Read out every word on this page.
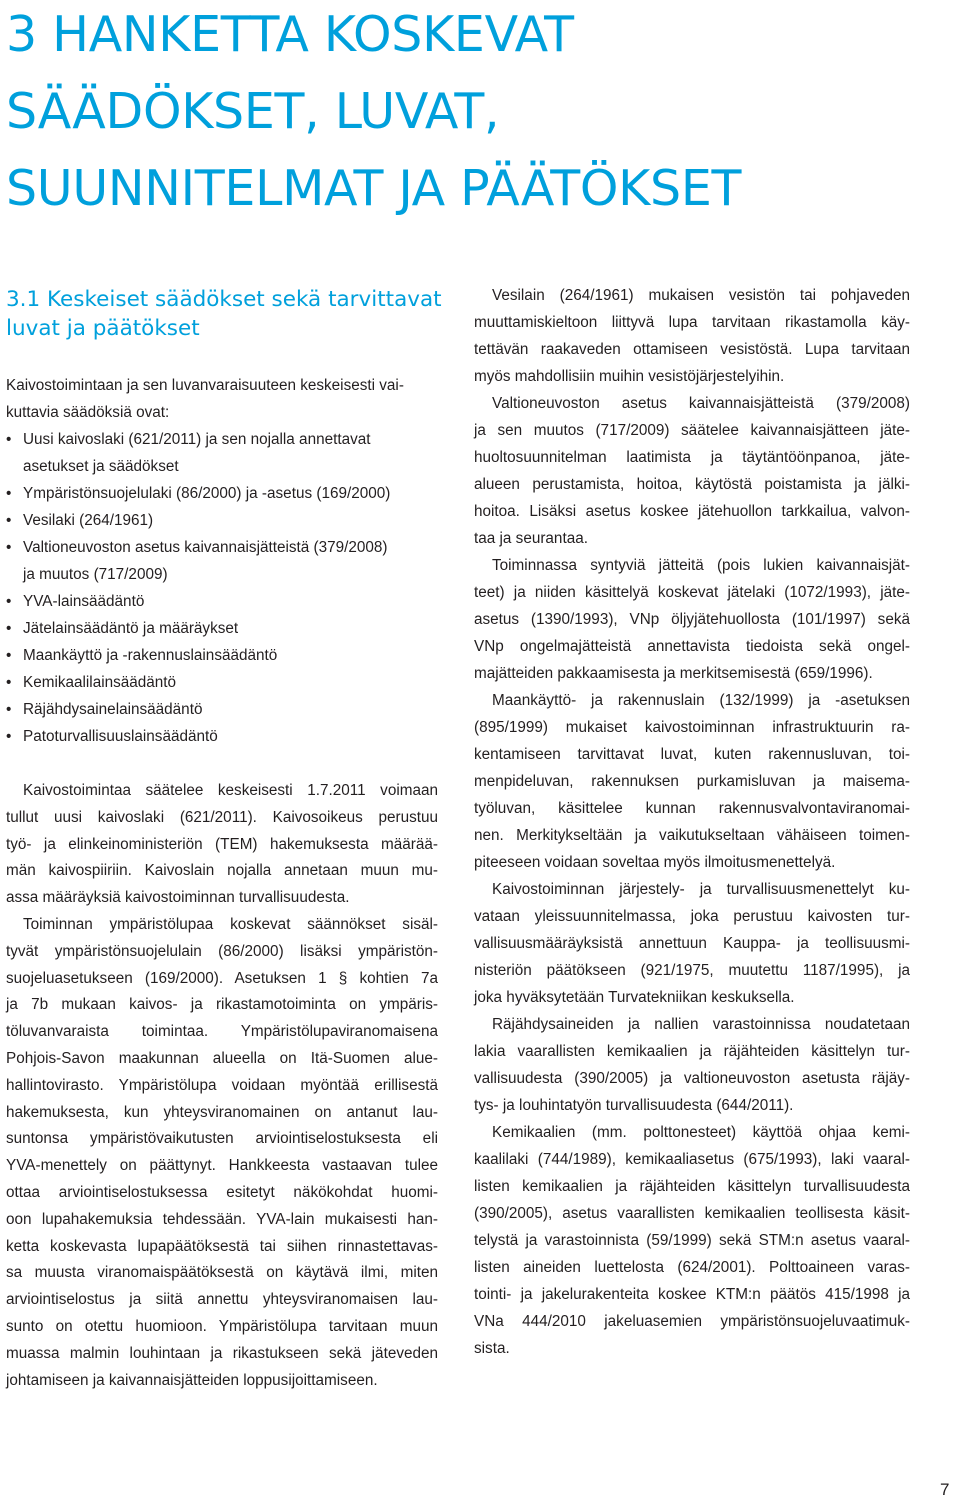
3 HANKETTA KOSKEVAT
SÄÄDÖKSET, LUVAT,
SUUNNITELMAT JA PÄÄTÖKSET
3.1 Keskeiset säädökset sekä tarvittavat
luvat ja päätökset
Kaivostoimintaan ja sen luvanvaraisuuteen keskeisesti vai-
kuttavia säädöksiä ovat:
• Uusi kaivoslaki (621/2011) ja sen nojalla annettavat
asetukset ja säädökset
• Ympäristönsuojelulaki (86/2000) ja -asetus (169/2000)
• Vesilaki (264/1961)
• Valtioneuvoston asetus kaivannaisjätteistä (379/2008)
ja muutos (717/2009)
• YVA-lainsäädäntö
• Jätelainsäädäntö ja määräykset
• Maankäyttö ja -rakennuslainsäädäntö
• Kemikaalilainsäädäntö
• Räjähdysainelainsäädäntö
• Patoturvallisuuslainsäädäntö
Kaivostoimintaa säätelee keskeisesti 1.7.2011 voimaan
tullut uusi kaivoslaki (621/2011). Kaivosoikeus perustuu
työ- ja elinkeinoministeriön (TEM) hakemuksesta määrää-
män kaivospiiriin. Kaivoslain nojalla annetaan muun mu-
assa määräyksiä kaivostoiminnan turvallisuudesta.
Toiminnan ympäristölupaa koskevat säännökset sisäl-
tyvät ympäristönsuojelulain (86/2000) lisäksi ympäristön-
suojeluasetukseen (169/2000). Asetuksen 1 § kohtien 7a
ja 7b mukaan kaivos- ja rikastamotoiminta on ympäris-
töluvanvaraista toimintaa. Ympäristölupaviranomaisena
Pohjois-Savon maakunnan alueella on Itä-Suomen alue-
hallintovirasto. Ympäristölupa voidaan myöntää erillisestä
hakemuksesta, kun yhteysviranomainen on antanut lau-
suntonsa ympäristövaikutusten arviointiselostuksesta eli
YVA-menettely on päättynyt. Hankkeesta vastaavan tulee
ottaa arviointiselostuksessa esitetyt näkökohdat huomi-
oon lupahakemuksia tehdessään. YVA-lain mukaisesti han-
ketta koskevasta lupapäätöksestä tai siihen rinnastettavas-
sa muusta viranomaispäätöksestä on käytävä ilmi, miten
arviointiselostus ja siitä annettu yhteysviranomaisen lau-
sunto on otettu huomioon. Ympäristölupa tarvitaan muun
muassa malmin louhintaan ja rikastukseen sekä jäteveden
johtamiseen ja kaivannaisjätteiden loppusijoittamiseen.
Vesilain (264/1961) mukaisen vesistön tai pohjaveden
muuttamiskieltoon liittyvä lupa tarvitaan rikastamolla käy-
tettävän raakaveden ottamiseen vesistöstä. Lupa tarvitaan
myös mahdollisiin muihin vesistöjärjestelyihin.
Valtioneuvoston asetus kaivannaisjätteistä (379/2008)
ja sen muutos (717/2009) säätelee kaivannaisjätteen jäte-
huoltosuunnitelman laatimista ja täytäntöönpanoa, jäte-
alueen perustamista, hoitoa, käytöstä poistamista ja jälki-
hoitoa. Lisäksi asetus koskee jätehuollon tarkkailua, valvon-
taa ja seurantaa.
Toiminnassa syntyviä jätteitä (pois lukien kaivannaisjät-
teet) ja niiden käsittelyä koskevat jätelaki (1072/1993), jäte-
asetus (1390/1993), VNp öljyjätehuollosta (101/1997) sekä
VNp ongelmajätteistä annettavista tiedoista sekä ongel-
majätteiden pakkaamisesta ja merkitsemisestä (659/1996).
Maankäyttö- ja rakennuslain (132/1999) ja -asetuksen
(895/1999) mukaiset kaivostoiminnan infrastruktuurin ra-
kentamiseen tarvittavat luvat, kuten rakennusluvan, toi-
menpideluvan, rakennuksen purkamisluvan ja maisema-
työluvan, käsittelee kunnan rakennusvalvontaviranomai-
nen. Merkitykseltään ja vaikutukseltaan vähäiseen toimen-
piteeseen voidaan soveltaa myös ilmoitusmenettelyä.
Kaivostoiminnan järjestely- ja turvallisuusmenettelyt ku-
vataan yleissuunnitelmassa, joka perustuu kaivosten tur-
vallisuusmääräyksistä annettuun Kauppa- ja teollisuusmi-
nisteriön päätökseen (921/1975, muutettu 1187/1995), ja
joka hyväksytetään Turvatekniikan keskuksella.
Räjähdysaineiden ja nallien varastoinnissa noudatetaan
lakia vaarallisten kemikaalien ja räjähteiden käsittelyn tur-
vallisuudesta (390/2005) ja valtioneuvoston asetusta räjäy-
tys- ja louhintatyön turvallisuudesta (644/2011).
Kemikaalien (mm. polttonesteet) käyttöä ohjaa kemi-
kaalilaki (744/1989), kemikaaliasetus (675/1993), laki vaaral-
listen kemikaalien ja räjähteiden käsittelyn turvallisuudesta
(390/2005), asetus vaarallisten kemikaalien teollisesta käsit-
telystä ja varastoinnista (59/1999) sekä STM:n asetus vaaral-
listen aineiden luettelosta (624/2001). Polttoaineen varas-
tointi- ja jakelurakenteita koskee KTM:n päätös 415/1998 ja
VNa 444/2010 jakeluasemien ympäristönsuojeluvaatimuk-
sista.
7
